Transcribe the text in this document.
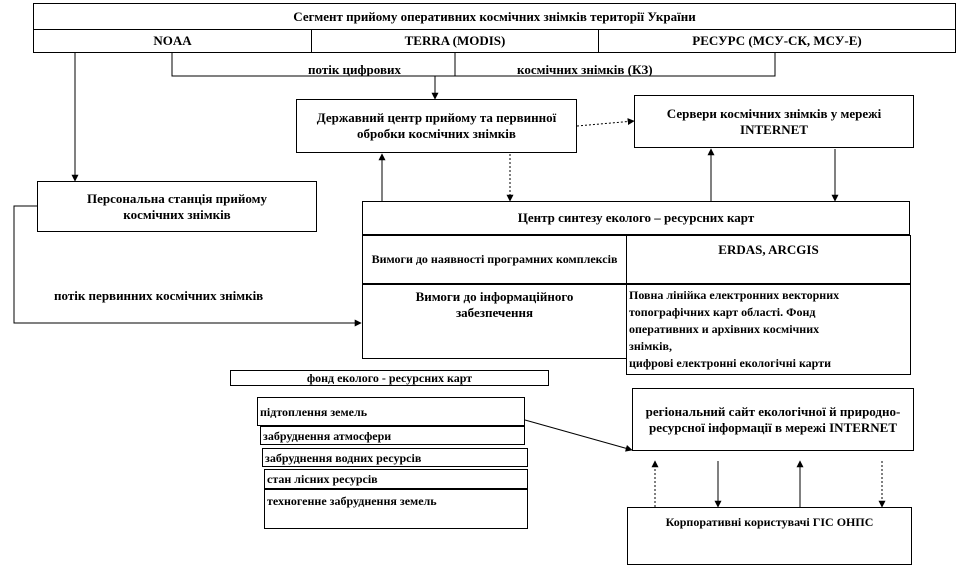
Сегмент прийому оперативних космічних знімків території України
NOAA	TERRA (MODIS)	РЕСУРС (МСУ-СК, МСУ-Е)
потік цифрових	космічних знімків (КЗ)
Державний центр прийому та первинної обробки космічних знімків
Сервери космічних знімків у мережі INTERNET
Персональна станція прийому космічних знімків
потік первинних космічних знімків
Центр синтезу еколого – ресурсних карт
Вимоги до наявності програмних комплексів
ERDAS, ARCGIS
Вимоги до інформаційного забезпечення
Повна лінійка електронних векторних
топографічних карт області. Фонд
оперативних и архівних космічних
знімків,
цифрові електронні екологічні карти
фонд еколого - ресурсних карт
підтоплення земель
забруднення атмосфери
забруднення водних ресурсів
стан лісних ресурсів
техногенне забруднення земель
регіональний сайт екологічної й природно-ресурсної інформації в мережі INTERNET
Корпоративні користувачі ГІС ОНПС
